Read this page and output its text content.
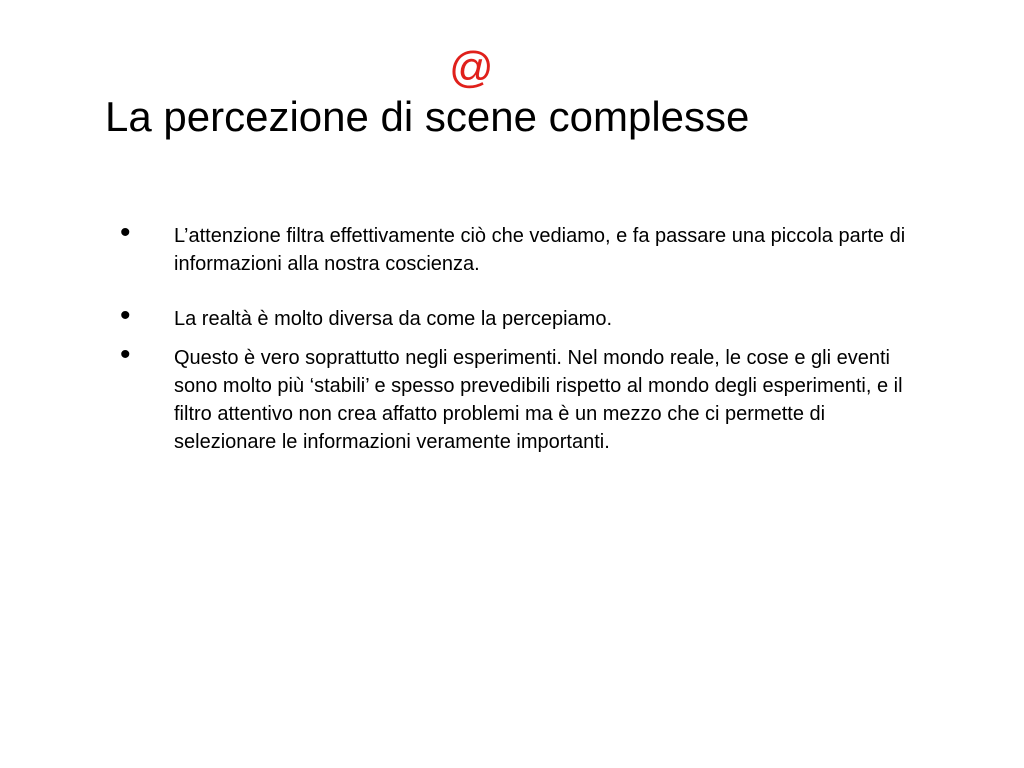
@
La percezione di scene complesse
• L’attenzione filtra effettivamente ciò che vediamo, e fa passare una piccola parte di informazioni alla nostra coscienza.
• La realtà è molto diversa da come la percepiamo.
• Questo è vero soprattutto negli esperimenti. Nel mondo reale, le cose e gli eventi sono molto più ‘stabili’ e spesso prevedibili rispetto al mondo degli esperimenti, e il filtro attentivo non crea affatto problemi ma è un mezzo che ci permette di selezionare le informazioni veramente importanti.
